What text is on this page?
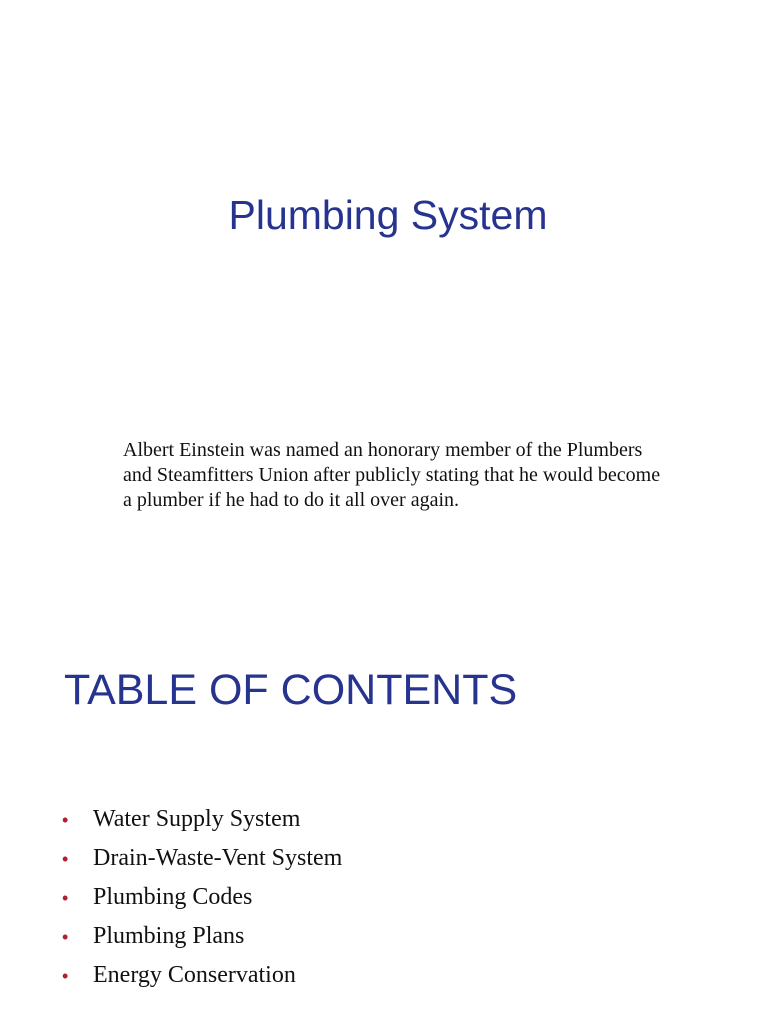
Plumbing System

Albert Einstein was named an honorary member of the Plumbers and Steamfitters Union after publicly stating that he would become a plumber if he had to do it all over again.

TABLE OF CONTENTS
•	Water Supply System
•	Drain-Waste-Vent System
•	Plumbing Codes
•	Plumbing Plans
•	Energy Conservation
